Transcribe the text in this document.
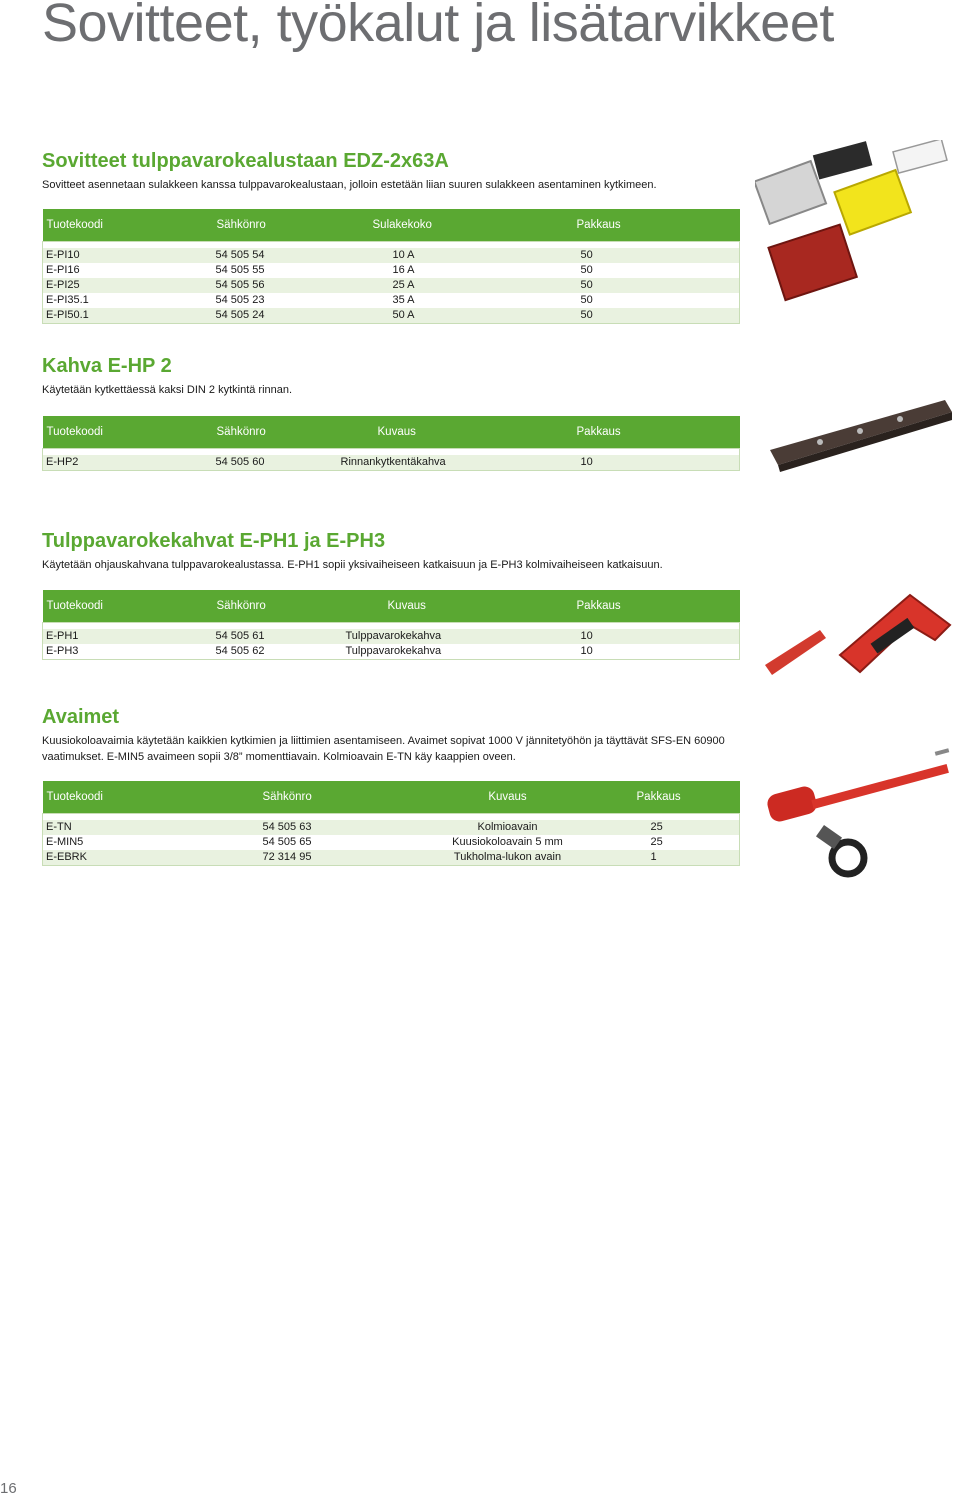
Sovitteet, työkalut ja lisätarvikkeet
Sovitteet tulppavarokealustaan EDZ-2x63A

Sovitteet asennetaan sulakkeen kanssa tulppavarokealustaan, jolloin estetään liian suuren sulakkeen asentaminen kytkimeen.

Tuotekoodi	Sähkönro	Sulakekoko	Pakkaus

E-PI10	54 505 54	10 A	50
E-PI16	54 505 55	16 A	50
E-PI25	54 505 56	25 A	50
E-PI35.1	54 505 23	35 A	50
E-PI50.1	54 505 24	50 A	50
Kahva E-HP 2

Käytetään kytkettäessä kaksi DIN 2 kytkintä rinnan.

Tuotekoodi	Sähkönro	Kuvaus	Pakkaus

E-HP2	54 505 60	Rinnankytkentäkahva	10
Tulppavarokekahvat E-PH1 ja E-PH3

Käytetään ohjauskahvana tulppavarokealustassa. E-PH1 sopii yksivaiheiseen katkaisuun ja E-PH3 kolmivaiheiseen katkaisuun.

Tuotekoodi	Sähkönro	Kuvaus	Pakkaus

E-PH1	54 505 61	Tulppavarokekahva	10
E-PH3	54 505 62	Tulppavarokekahva	10
Avaimet

Kuusiokoloavaimia käytetään kaikkien kytkimien ja liittimien asentamiseen. Avaimet sopivat 1000 V jännitetyöhön ja täyttävät SFS-EN 60900 vaatimukset. E-MIN5 avaimeen sopii 3/8” momenttiavain. Kolmioavain E-TN käy kaappien oveen.

Tuotekoodi	Sähkönro	Kuvaus	Pakkaus

E-TN	54 505 63	Kolmioavain	25
E-MIN5	54 505 65	Kuusiokoloavain 5 mm	25
E-EBRK	72 314 95	Tukholma-lukon avain	1
16
